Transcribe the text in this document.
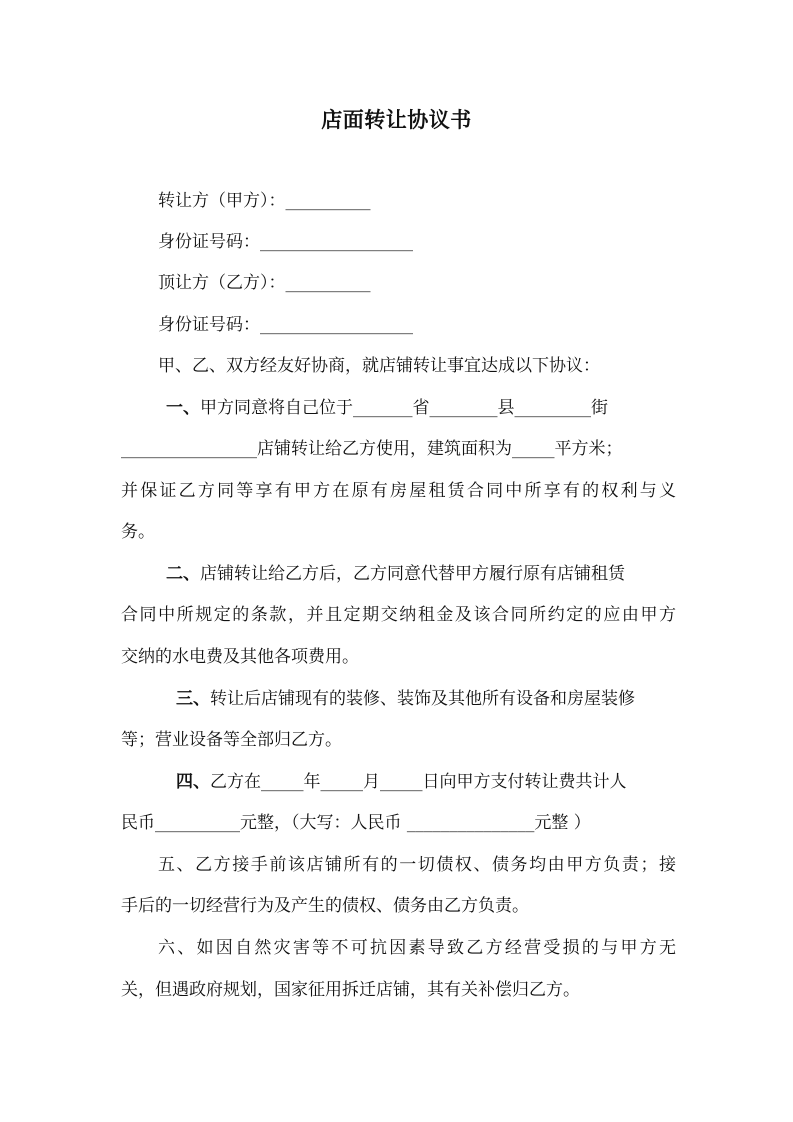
店面转让协议书
转让方（甲方）：__________
身份证号码：__________________
顶让方（乙方）：__________
身份证号码：__________________
甲、乙、双方经友好协商，就店铺转让事宜达成以下协议：
一、甲方同意将自己位于_______省________县_________街
________________店铺转让给乙方使用，建筑面积为_____平方米；
并保证乙方同等享有甲方在原有房屋租赁合同中所享有的权利与义
务。
二、店铺转让给乙方后，乙方同意代替甲方履行原有店铺租赁
合同中所规定的条款，并且定期交纳租金及该合同所约定的应由甲方
交纳的水电费及其他各项费用。
三、转让后店铺现有的装修、装饰及其他所有设备和房屋装修
等；营业设备等全部归乙方。
四、乙方在_____年_____月_____日向甲方支付转让费共计人
民币__________元整，（大写：人民币 _______________元整 ）
五、乙方接手前该店铺所有的一切债权、债务均由甲方负责；接
手后的一切经营行为及产生的债权、债务由乙方负责。
六、如因自然灾害等不可抗因素导致乙方经营受损的与甲方无
关，但遇政府规划，国家征用拆迁店铺，其有关补偿归乙方。
